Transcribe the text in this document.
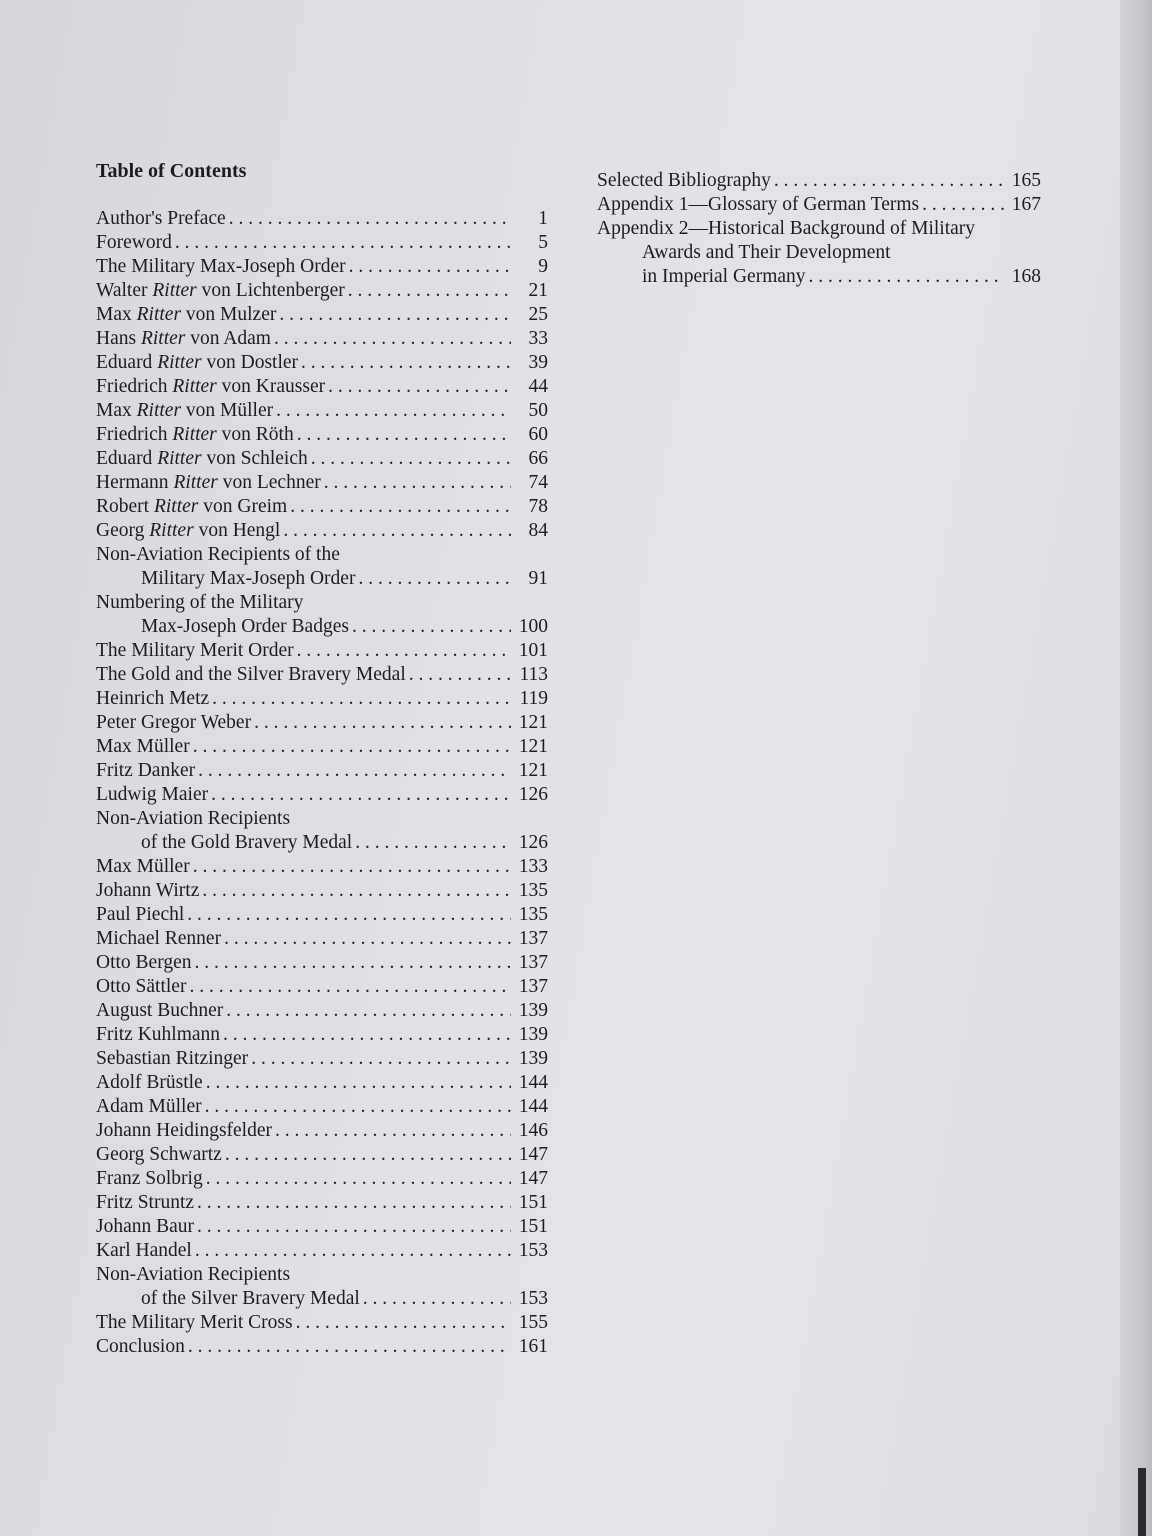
Table of Contents
Author's Preface . . .	1
Foreword . . .	5
The Military Max-Joseph Order . . .	9
Walter Ritter von Lichtenberger . . .	21
Max Ritter von Mulzer . . .	25
Hans Ritter von Adam . . .	33
Eduard Ritter von Dostler . . .	39
Friedrich Ritter von Krausser . . .	44
Max Ritter von Müller . . .	50
Friedrich Ritter von Röth . . .	60
Eduard Ritter von Schleich . . .	66
Hermann Ritter von Lechner . . .	74
Robert Ritter von Greim . . .	78
Georg Ritter von Hengl . . .	84
Non-Aviation Recipients of the
Military Max-Joseph Order . . .	91
Numbering of the Military
Max-Joseph Order Badges . . .	100
The Military Merit Order . . .	101
The Gold and the Silver Bravery Medal . . .	113
Heinrich Metz . . .	119
Peter Gregor Weber . . .	121
Max Müller . . .	121
Fritz Danker . . .	121
Ludwig Maier . . .	126
Non-Aviation Recipients
of the Gold Bravery Medal . . .	126
Max Müller . . .	133
Johann Wirtz . . .	135
Paul Piechl . . .	135
Michael Renner . . .	137
Otto Bergen . . .	137
Otto Sättler . . .	137
August Buchner . . .	139
Fritz Kuhlmann . . .	139
Sebastian Ritzinger . . .	139
Adolf Brüstle . . .	144
Adam Müller . . .	144
Johann Heidingsfelder . . .	146
Georg Schwartz . . .	147
Franz Solbrig . . .	147
Fritz Struntz . . .	151
Johann Baur . . .	151
Karl Handel . . .	153
Non-Aviation Recipients
of the Silver Bravery Medal . . .	153
The Military Merit Cross . . .	155
Conclusion . . .	161
Selected Bibliography . . .	165
Appendix 1—Glossary of German Terms . . .	167
Appendix 2—Historical Background of Military
Awards and Their Development
in Imperial Germany . . .	168
